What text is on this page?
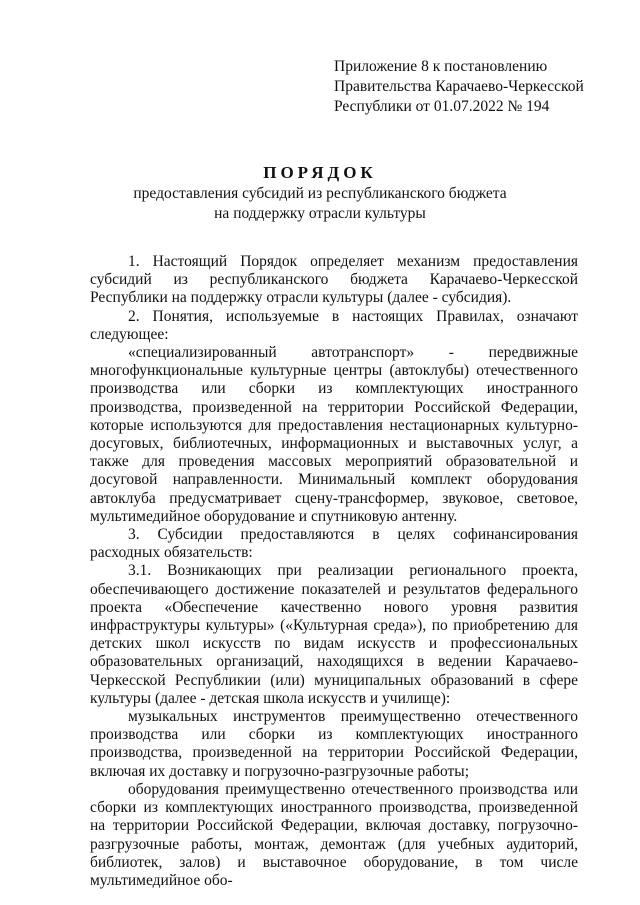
Приложение 8 к постановлению
Правительства Карачаево-Черкесской
Республики от 01.07.2022 № 194
ПОРЯДОК
предоставления субсидий из республиканского бюджета
на поддержку отрасли культуры

1. Настоящий Порядок определяет механизм предоставления субсидий из республиканского бюджета Карачаево-Черкесской Республики на поддержку отрасли культуры (далее - субсидия).

2. Понятия, используемые в настоящих Правилах, означают следующее:

«специализированный автотранспорт» - передвижные многофункциональные культурные центры (автоклубы) отечественного производства или сборки из комплектующих иностранного производства, произведенной на территории Российской Федерации, которые используются для предоставления нестационарных культурно-досуговых, библиотечных, информационных и выставочных услуг, а также для проведения массовых мероприятий образовательной и досуговой направленности. Минимальный комплект оборудования автоклуба предусматривает сцену-трансформер, звуковое, световое, мультимедийное оборудование и спутниковую антенну.

3. Субсидии предоставляются в целях софинансирования расходных обязательств:

3.1. Возникающих при реализации регионального проекта, обеспечивающего достижение показателей и результатов федерального проекта «Обеспечение качественно нового уровня развития инфраструктуры культуры» («Культурная среда»), по приобретению для детских школ искусств по видам искусств и профессиональных образовательных организаций, находящихся в ведении Карачаево-Черкесской Республикии (или) муниципальных образований в сфере культуры (далее - детская школа искусств и училище):

музыкальных инструментов преимущественно отечественного производства или сборки из комплектующих иностранного производства, произведенной на территории Российской Федерации, включая их доставку и погрузочно-разгрузочные работы;

оборудования преимущественно отечественного производства или сборки из комплектующих иностранного производства, произведенной на территории Российской Федерации, включая доставку, погрузочно-разгрузочные работы, монтаж, демонтаж (для учебных аудиторий, библиотек, залов) и выставочное оборудование, в том числе мультимедийное обо-
